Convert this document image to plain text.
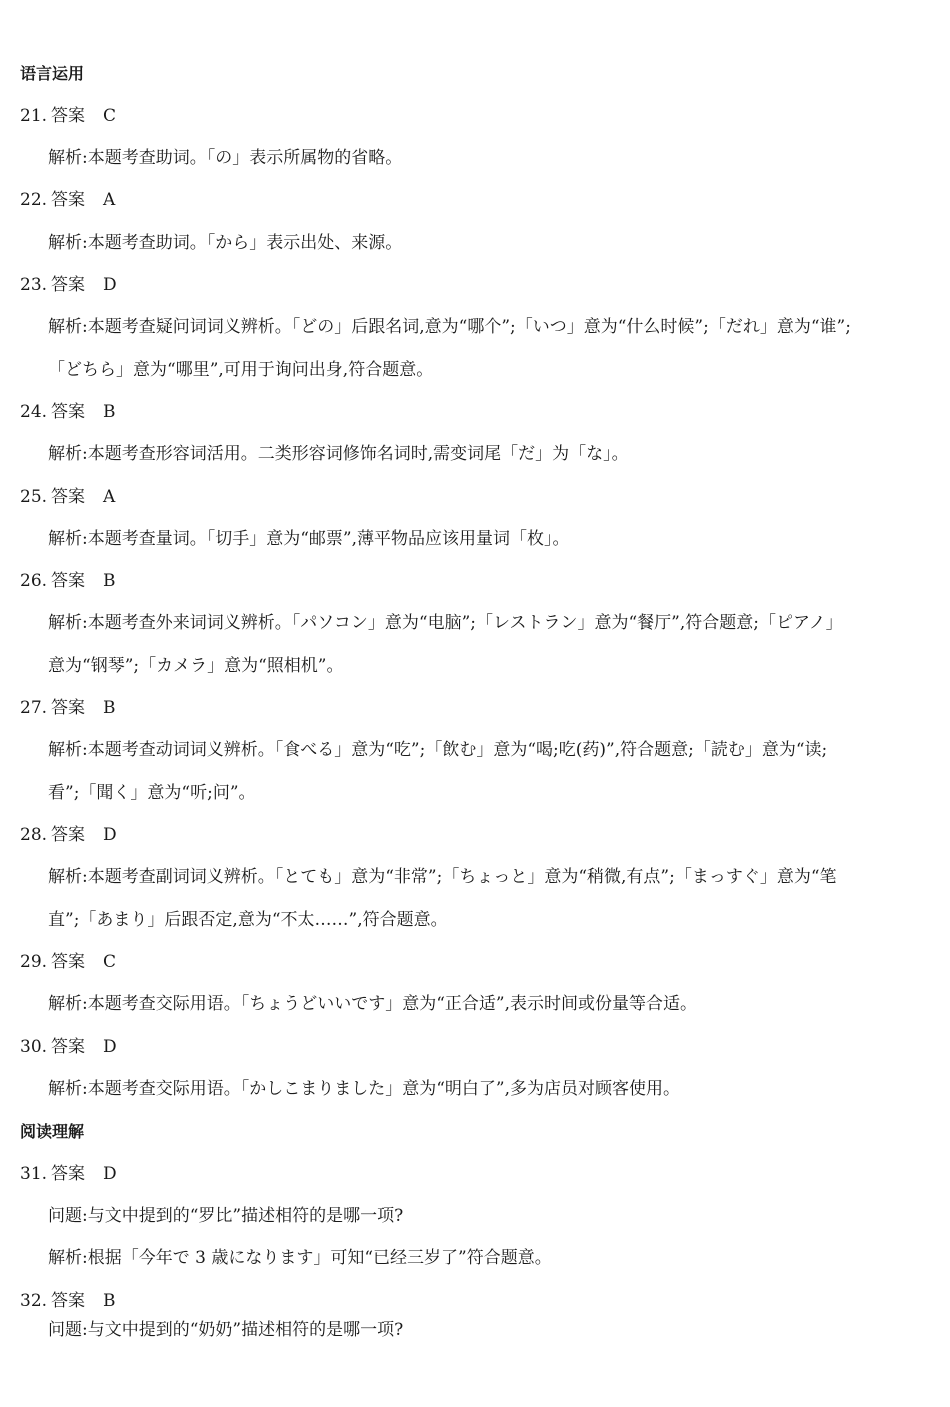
语言运用
21. 答案 C
解析:本题考查助词。「の」表示所属物的省略。
22. 答案 A
解析:本题考查助词。「から」表示出处、来源。
23. 答案 D
解析:本题考查疑问词词义辨析。「どの」后跟名词,意为“哪个”;「いつ」意为“什么时候”;「だれ」意为“谁”;
「どちら」意为“哪里”,可用于询问出身,符合题意。
24. 答案 B
解析:本题考查形容词活用。二类形容词修饰名词时,需变词尾「だ」为「な」。
25. 答案 A
解析:本题考查量词。「切手」意为“邮票”,薄平物品应该用量词「枚」。
26. 答案 B
解析:本题考查外来词词义辨析。「パソコン」意为“电脑”;「レストラン」意为“餐厅”,符合题意;「ピアノ」
意为“钢琴”;「カメラ」意为“照相机”。
27. 答案 B
解析:本题考查动词词义辨析。「食べる」意为“吃”;「飲む」意为“喝;吃(药)”,符合题意;「読む」意为“读;
看”;「聞く」意为“听;问”。
28. 答案 D
解析:本题考查副词词义辨析。「とても」意为“非常”;「ちょっと」意为“稍微,有点”;「まっすぐ」意为“笔
直”;「あまり」后跟否定,意为“不太……”,符合题意。
29. 答案 C
解析:本题考查交际用语。「ちょうどいいです」意为“正合适”,表示时间或份量等合适。
30. 答案 D
解析:本题考查交际用语。「かしこまりました」意为“明白了”,多为店员对顾客使用。
阅读理解
31. 答案 D
问题:与文中提到的“罗比”描述相符的是哪一项?
解析:根据「今年で 3 歳になります」可知“已经三岁了”符合题意。
32. 答案 B
问题:与文中提到的“奶奶”描述相符的是哪一项?
